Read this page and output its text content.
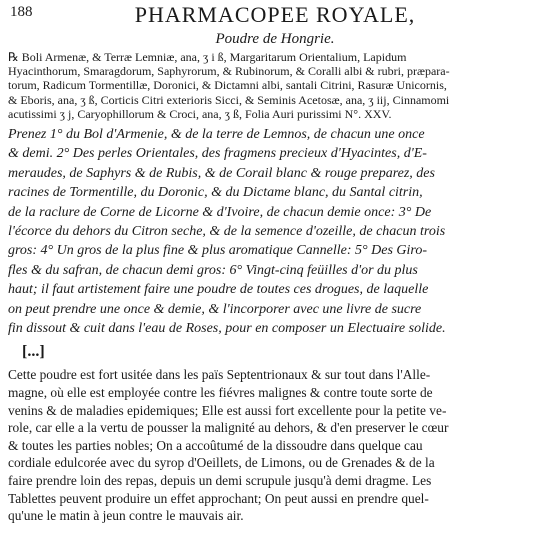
188	PHARMACOPEE ROYALE,
Poudre de Hongrie.
℞ Boli Armenæ, & Terræ Lemniæ, ana, ʒ i ß, Margaritarum Orientalium, Lapidum
Hyacinthorum, Smaragdorum, Saphyrorum, & Rubinorum, & Coralli albi & rubri, præpara-
torum, Radicum Tormentillæ, Doronici, & Dictamni albi, santali Citrini, Rasuræ Unicornis,
& Eboris, ana, ʒ ß, Corticis Citri exterioris Sicci, & Seminis Acetosæ, ana, ʒ iij, Cinnamomi
acutissimi ʒ j, Caryophillorum & Croci, ana, ʒ ß, Folia Auri purissimi N°. XXV.
Prenez 1° du Bol d'Armenie, & de la terre de Lemnos, de chacun une once
& demi. 2° Des perles Orientales, des fragmens precieux d'Hyacintes, d'E-
meraudes, de Saphyrs & de Rubis, & de Corail blanc & rouge preparez, des
racines de Tormentille, du Doronic, & du Dictame blanc, du Santal citrin,
de la raclure de Corne de Licorne & d'Ivoire, de chacun demie once: 3° De
l'écorce du dehors du Citron seche, & de la semence d'ozeille, de chacun trois
gros: 4° Un gros de la plus fine & plus aromatique Cannelle: 5° Des Giro-
fles & du safran, de chacun demi gros: 6° Vingt-cinq feüilles d'or du plus
haut; il faut artistement faire une poudre de toutes ces drogues, de laquelle
on peut prendre une once & demie, & l'incorporer avec une livre de sucre
fin dissout & cuit dans l'eau de Roses, pour en composer un Electuaire solide.
[...]
Cette poudre est fort usitée dans les païs Septentrionaux & sur tout dans l'Alle-
magne, où elle est employée contre les fiévres malignes & contre toute sorte de
venins & de maladies epidemiques; Elle est aussi fort excellente pour la petite ve-
role, car elle a la vertu de pousser la malignité au dehors, & d'en preserver le cœur
& toutes les parties nobles; On a accoûtumé de la dissoudre dans quelque cau
cordiale edulcorée avec du syrop d'Oeillets, de Limons, ou de Grenades & de la
faire prendre loin des repas, depuis un demi scrupule jusqu'à demi dragme. Les
Tablettes peuvent produire un effet approchant; On peut aussi en prendre quel-
qu'une le matin à jeun contre le mauvais air.
